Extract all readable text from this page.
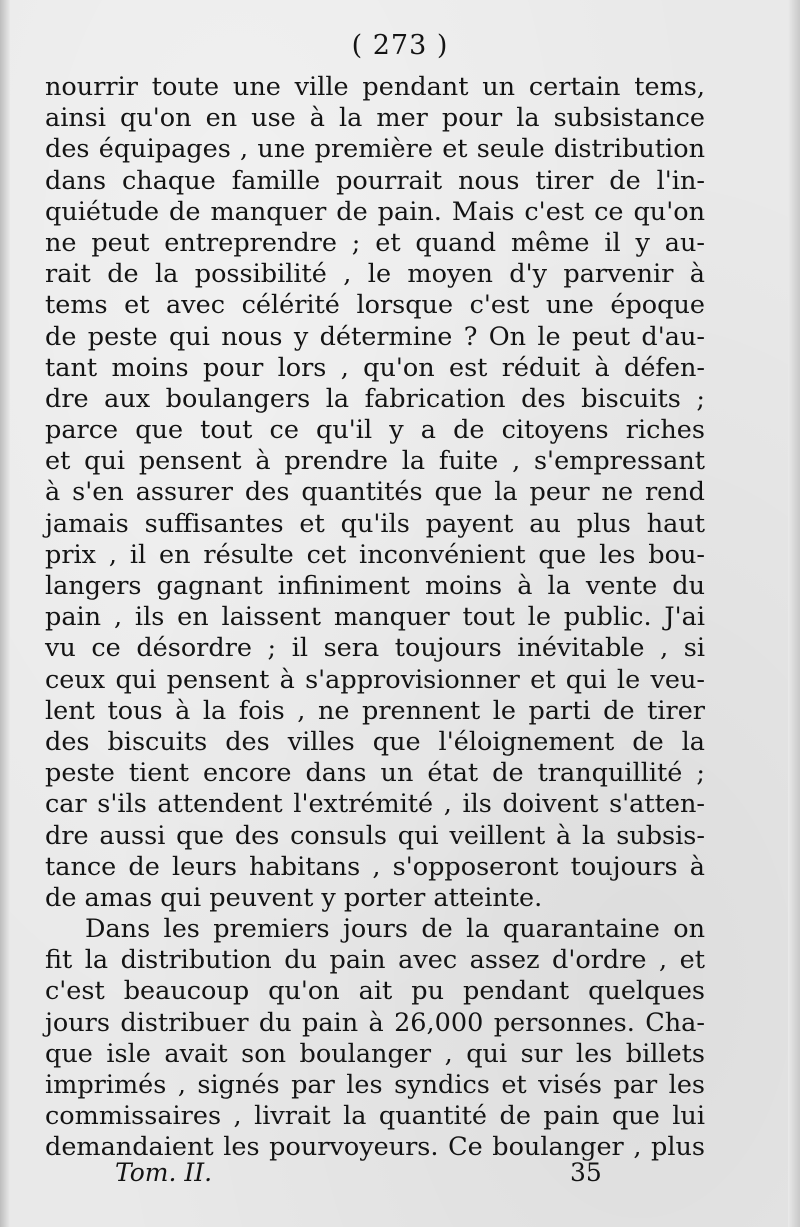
( 273 )
nourrir toute une ville pendant un certain tems,
ainsi qu'on en use à la mer pour la subsistance
des équipages , une première et seule distribution
dans chaque famille pourrait nous tirer de l'in-
quiétude de manquer de pain. Mais c'est ce qu'on
ne peut entreprendre ; et quand même il y au-
rait de la possibilité , le moyen d'y parvenir à
tems et avec célérité lorsque c'est une époque
de peste qui nous y détermine ? On le peut d'au-
tant moins pour lors , qu'on est réduit à défen-
dre aux boulangers la fabrication des biscuits ;
parce que tout ce qu'il y a de citoyens riches
et qui pensent à prendre la fuite , s'empressant
à s'en assurer des quantités que la peur ne rend
jamais suffisantes et qu'ils payent au plus haut
prix , il en résulte cet inconvénient que les bou-
langers gagnant infiniment moins à la vente du
pain , ils en laissent manquer tout le public. J'ai
vu ce désordre ; il sera toujours inévitable , si
ceux qui pensent à s'approvisionner et qui le veu-
lent tous à la fois , ne prennent le parti de tirer
des biscuits des villes que l'éloignement de la
peste tient encore dans un état de tranquillité ;
car s'ils attendent l'extrémité , ils doivent s'atten-
dre aussi que des consuls qui veillent à la subsis-
tance de leurs habitans , s'opposeront toujours à
de amas qui peuvent y porter atteinte.
Dans les premiers jours de la quarantaine on
fit la distribution du pain avec assez d'ordre , et
c'est beaucoup qu'on ait pu pendant quelques
jours distribuer du pain à 26,000 personnes. Cha-
que isle avait son boulanger , qui sur les billets
imprimés , signés par les syndics et visés par les
commissaires , livrait la quantité de pain que lui
demandaient les pourvoyeurs. Ce boulanger , plus
Tom. II.	35
